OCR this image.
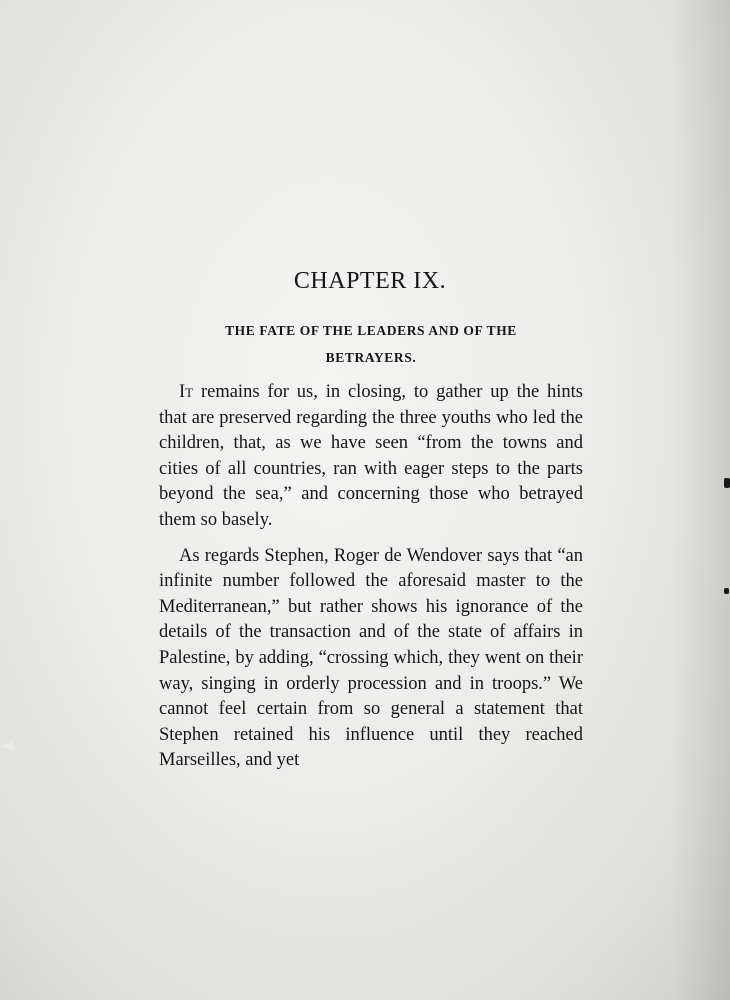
CHAPTER IX.
THE FATE OF THE LEADERS AND OF THE
BETRAYERS.

It remains for us, in closing, to gather up the hints that are preserved regarding the three youths who led the children, that, as we have seen “from the towns and cities of all countries, ran with eager steps to the parts beyond the sea,” and concerning those who betrayed them so basely.

As regards Stephen, Roger de Wendover says that “an infinite number followed the aforesaid master to the Mediterranean,” but rather shows his ignorance of the details of the transaction and of the state of affairs in Palestine, by adding, “crossing which, they went on their way, singing in orderly procession and in troops.” We cannot feel certain from so general a statement that Stephen retained his influence until they reached Marseilles, and yet
